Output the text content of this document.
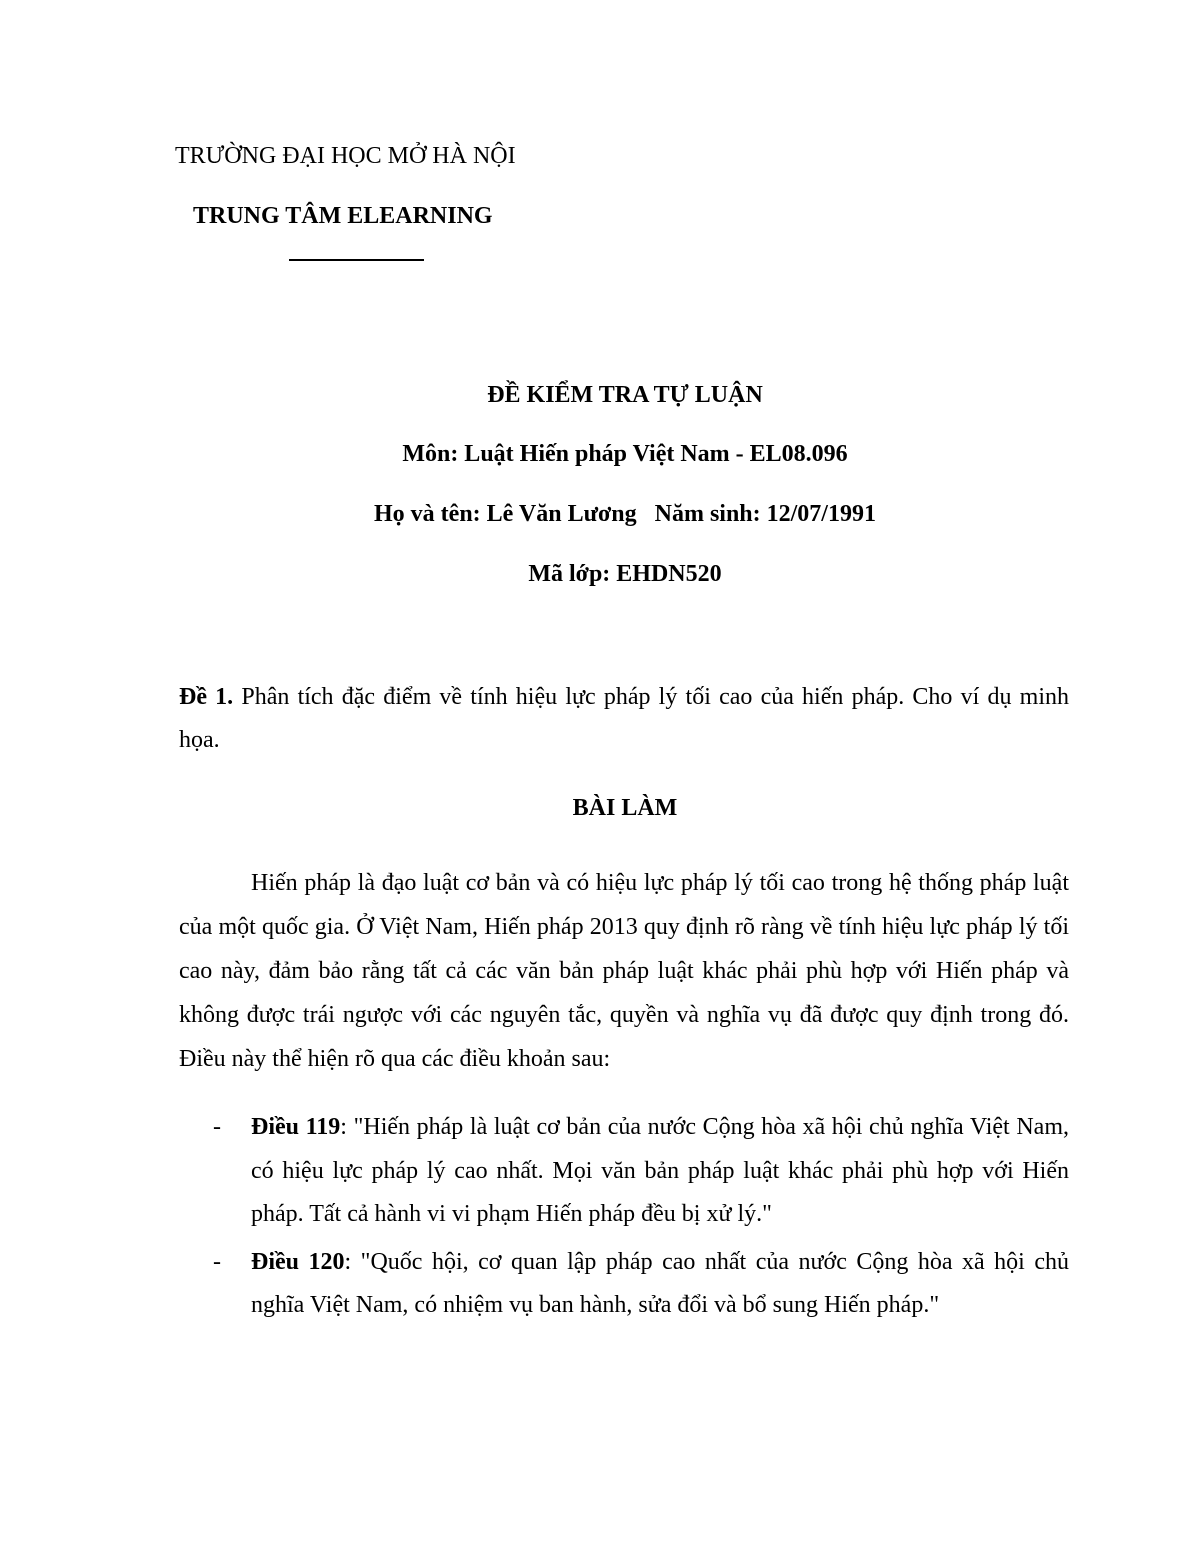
TRƯỜNG ĐẠI HỌC MỞ HÀ NỘI
TRUNG TÂM ELEARNING
ĐỀ KIỂM TRA TỰ LUẬN
Môn: Luật Hiến pháp Việt Nam - EL08.096
Họ và tên: Lê Văn Lương   Năm sinh: 12/07/1991
Mã lớp: EHDN520
Đề 1. Phân tích đặc điểm về tính hiệu lực pháp lý tối cao của hiến pháp. Cho ví dụ minh họa.
BÀI LÀM
Hiến pháp là đạo luật cơ bản và có hiệu lực pháp lý tối cao trong hệ thống pháp luật của một quốc gia. Ở Việt Nam, Hiến pháp 2013 quy định rõ ràng về tính hiệu lực pháp lý tối cao này, đảm bảo rằng tất cả các văn bản pháp luật khác phải phù hợp với Hiến pháp và không được trái ngược với các nguyên tắc, quyền và nghĩa vụ đã được quy định trong đó. Điều này thể hiện rõ qua các điều khoản sau:
- Điều 119: "Hiến pháp là luật cơ bản của nước Cộng hòa xã hội chủ nghĩa Việt Nam, có hiệu lực pháp lý cao nhất. Mọi văn bản pháp luật khác phải phù hợp với Hiến pháp. Tất cả hành vi vi phạm Hiến pháp đều bị xử lý."
- Điều 120: "Quốc hội, cơ quan lập pháp cao nhất của nước Cộng hòa xã hội chủ nghĩa Việt Nam, có nhiệm vụ ban hành, sửa đổi và bổ sung Hiến pháp."
